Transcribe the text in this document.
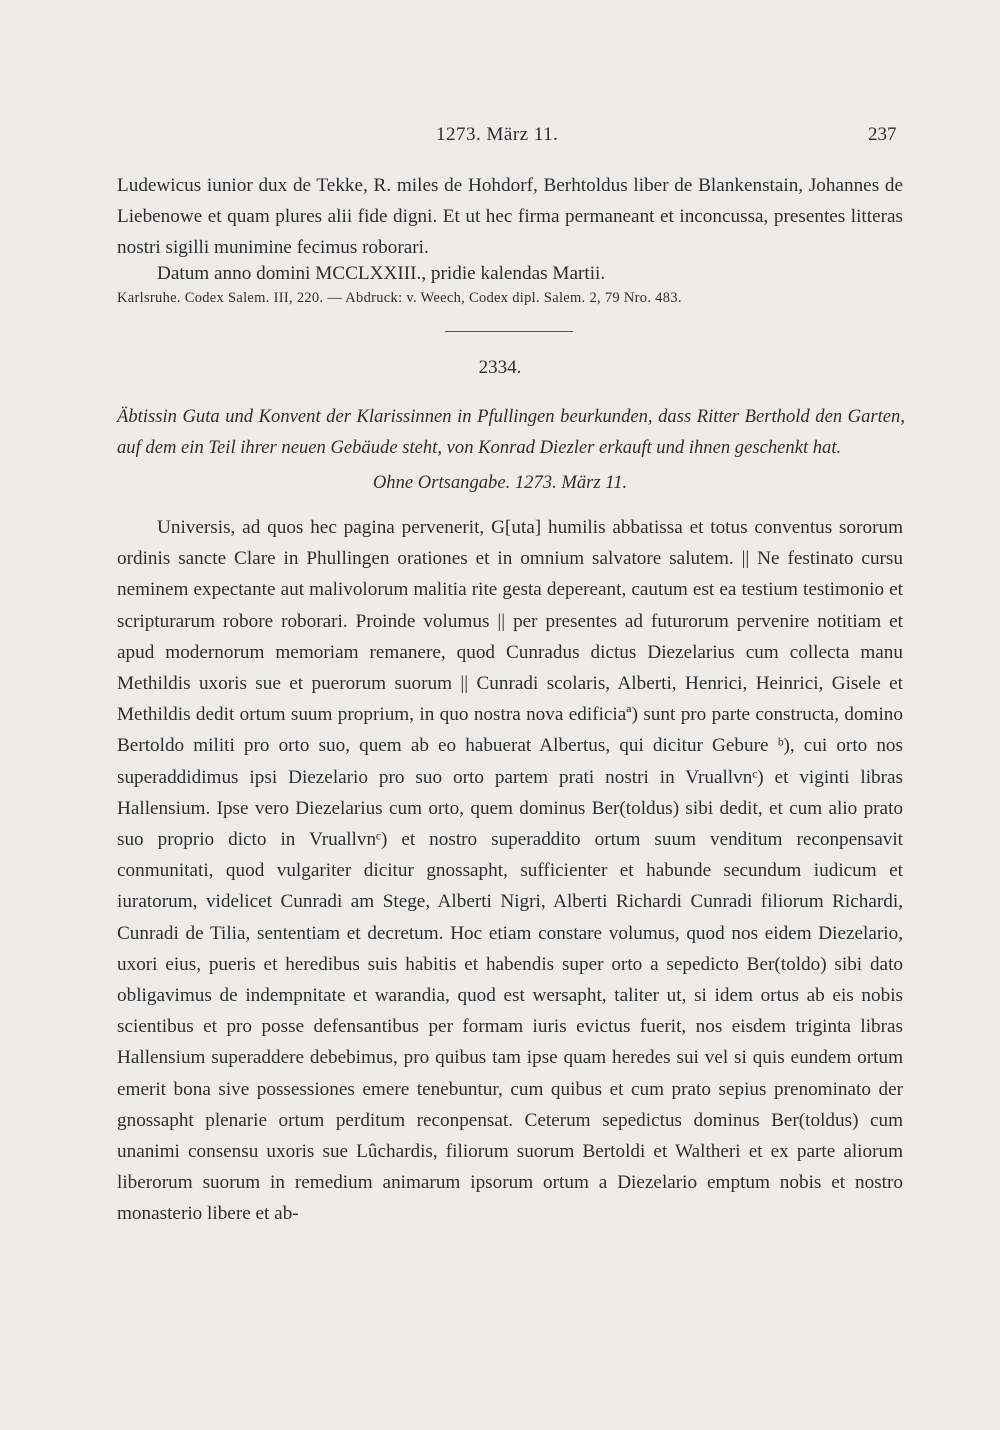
1273. März 11.	237

Ludewicus iunior dux de Tekke, R. miles de Hohdorf, Berhtoldus liber de Blankenstain, Johannes de Liebenowe et quam plures alii fide digni. Et ut hec firma permaneant et inconcussa, presentes litteras nostri sigilli munimine fecimus roborari.

Datum anno domini MCCLXXIII., pridie kalendas Martii.

Karlsruhe. Codex Salem. III, 220. — Abdruck: v. Weech, Codex dipl. Salem. 2, 79 Nro. 483.

2334.

Äbtissin Guta und Konvent der Klarissinnen in Pfullingen beurkunden, dass Ritter Berthold den Garten, auf dem ein Teil ihrer neuen Gebäude steht, von Konrad Diezler erkauft und ihnen geschenkt hat.

Ohne Ortsangabe. 1273. März 11.

Universis, ad quos hec pagina pervenerit, G[uta] humilis abbatissa et totus conventus sororum ordinis sancte Clare in Phullingen orationes et in omnium salvatore salutem. || Ne festinato cursu neminem expectante aut malivolorum malitia rite gesta depereant, cautum est ea testium testimonio et scripturarum robore roborari. Proinde volumus || per presentes ad futurorum pervenire notitiam et apud modernorum memoriam remanere, quod Cunradus dictus Diezelarius cum collecta manu Methildis uxoris sue et puerorum suorum || Cunradi scolaris, Alberti, Henrici, Heinrici, Gisele et Methildis dedit ortum suum proprium, in quo nostra nova edificiaª) sunt pro parte constructa, domino Bertoldo militi pro orto suo, quem ab eo habuerat Albertus, qui dicitur Gebure ᵇ), cui orto nos superaddidimus ipsi Diezelario pro suo orto partem prati nostri in Vruallvnᶜ) et viginti libras Hallensium. Ipse vero Diezelarius cum orto, quem dominus Ber(toldus) sibi dedit, et cum alio prato suo proprio dicto in Vruallvnᶜ) et nostro superaddito ortum suum venditum reconpensavit conmunitati, quod vulgariter dicitur gnossapht, sufficienter et habunde secundum iudicum et iuratorum, videlicet Cunradi am Stege, Alberti Nigri, Alberti Richardi Cunradi filiorum Richardi, Cunradi de Tilia, sententiam et decretum. Hoc etiam constare volumus, quod nos eidem Diezelario, uxori eius, pueris et heredibus suis habitis et habendis super orto a sepedicto Ber(toldo) sibi dato obligavimus de indempnitate et warandia, quod est wersapht, taliter ut, si idem ortus ab eis nobis scientibus et pro posse defensantibus per formam iuris evictus fuerit, nos eisdem triginta libras Hallensium superaddere debebimus, pro quibus tam ipse quam heredes sui vel si quis eundem ortum emerit bona sive possessiones emere tenebuntur, cum quibus et cum prato sepius prenominato der gnossapht plenarie ortum perditum reconpensat. Ceterum sepedictus dominus Ber(toldus) cum unanimi consensu uxoris sue Lûchardis, filiorum suorum Bertoldi et Waltheri et ex parte aliorum liberorum suorum in remedium animarum ipsorum ortum a Diezelario emptum nobis et nostro monasterio libere et ab-
